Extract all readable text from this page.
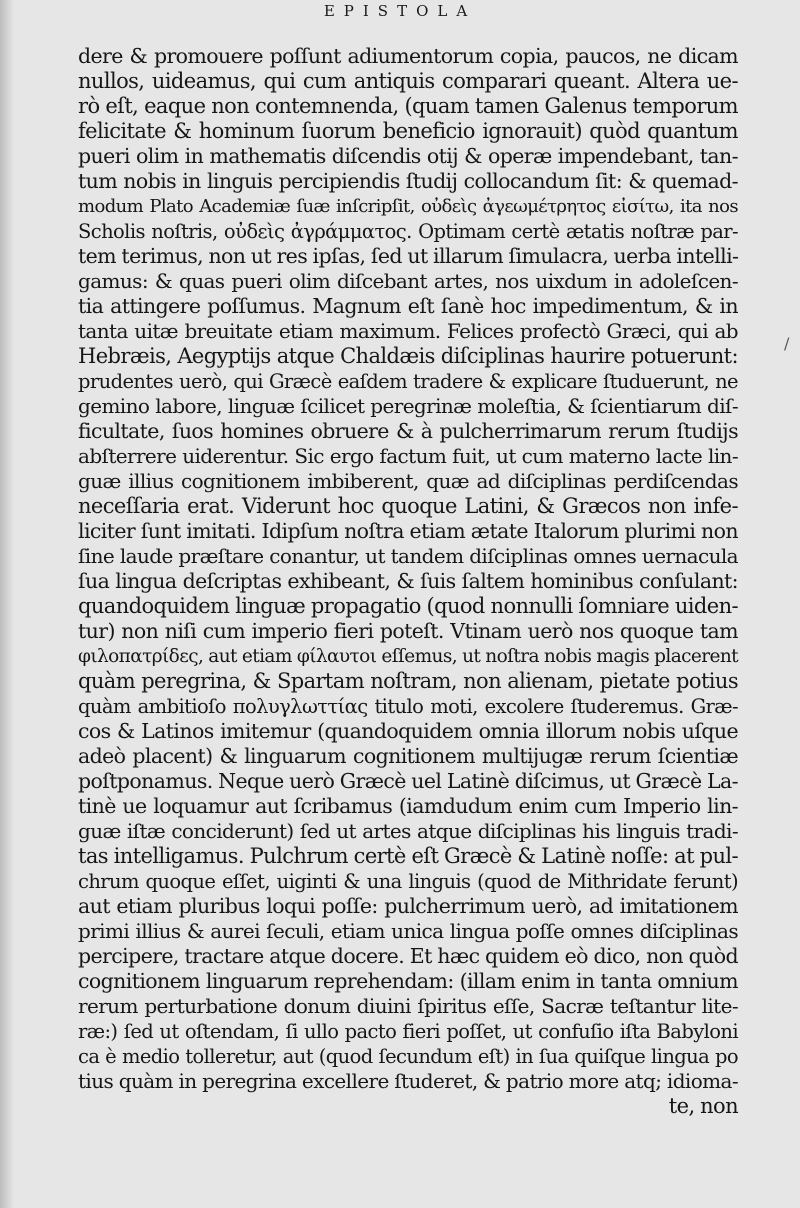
EPISTOLA
dere & promouere poſſunt adiumentorum copia, paucos, ne dicam
nullos, uideamus, qui cum antiquis comparari queant. Altera ue-
rò eſt, eaque non contemnenda, (quam tamen Galenus temporum
felicitate & hominum ſuorum beneficio ignorauit) quòd quantum
pueri olim in mathematis diſcendis otij & operæ impendebant, tan-
tum nobis in linguis percipiendis ſtudij collocandum ſit: & quemad-
modum Plato Academiæ ſuæ inſcripſit, οὐδεὶς ἀγεωμέτρητος εἰσίτω, ita nos
Scholis noſtris, οὐδεὶς ἀγράμματος. Optimam certè ætatis noſtræ par-
tem terimus, non ut res ipſas, ſed ut illarum ſimulacra, uerba intelli-
gamus: & quas pueri olim diſcebant artes, nos uixdum in adoleſcen-
tia attingere poſſumus. Magnum eſt ſanè hoc impedimentum, & in
tanta uitæ breuitate etiam maximum. Felices profectò Græci, qui ab
Hebræis, Aegyptijs atque Chaldæis diſciplinas haurire potuerunt:
prudentes uerò, qui Græcè eaſdem tradere & explicare ſtuduerunt, ne
gemino labore, linguæ ſcilicet peregrinæ moleſtia, & ſcientiarum diſ-
ficultate, ſuos homines obruere & à pulcherrimarum rerum ſtudijs
abſterrere uiderentur. Sic ergo factum fuit, ut cum materno lacte lin-
guæ illius cognitionem imbiberent, quæ ad diſciplinas perdiſcendas
neceſſaria erat. Viderunt hoc quoque Latini, & Græcos non infe-
liciter ſunt imitati. Idipſum noſtra etiam ætate Italorum plurimi non
ſine laude præſtare conantur, ut tandem diſciplinas omnes uernacula
ſua lingua deſcriptas exhibeant, & ſuis ſaltem hominibus conſulant:
quandoquidem linguæ propagatio (quod nonnulli ſomniare uiden-
tur) non niſi cum imperio fieri poteſt. Vtinam uerò nos quoque tam
φιλοπατρίδες, aut etiam φίλαυτοι eſſemus, ut noſtra nobis magis placerent
quàm peregrina, & Spartam noſtram, non alienam, pietate potius
quàm ambitioſo πολυγλωττίας titulo moti, excolere ſtuderemus. Græ-
cos & Latinos imitemur (quandoquidem omnia illorum nobis uſque
adeò placent) & linguarum cognitionem multijugæ rerum ſcientiæ
poſtponamus. Neque uerò Græcè uel Latinè diſcimus, ut Græcè La-
tinè ue loquamur aut ſcribamus (iamdudum enim cum Imperio lin-
guæ iſtæ conciderunt) ſed ut artes atque diſciplinas his linguis tradi-
tas intelligamus. Pulchrum certè eſt Græcè & Latinè noſſe: at pul-
chrum quoque eſſet, uiginti & una linguis (quod de Mithridate ferunt)
aut etiam pluribus loqui poſſe: pulcherrimum uerò, ad imitationem
primi illius & aurei ſeculi, etiam unica lingua poſſe omnes diſciplinas
percipere, tractare atque docere. Et hæc quidem eò dico, non quòd
cognitionem linguarum reprehendam: (illam enim in tanta omnium
rerum perturbatione donum diuini ſpiritus eſſe, Sacræ teſtantur lite-
ræ:) ſed ut oſtendam, ſi ullo pacto fieri poſſet, ut confuſio iſta Babyloni
ca è medio tolleretur, aut (quod ſecundum eſt) in ſua quiſque lingua po
tius quàm in peregrina excellere ſtuderet, & patrio more atq; idioma-
te, non
/
